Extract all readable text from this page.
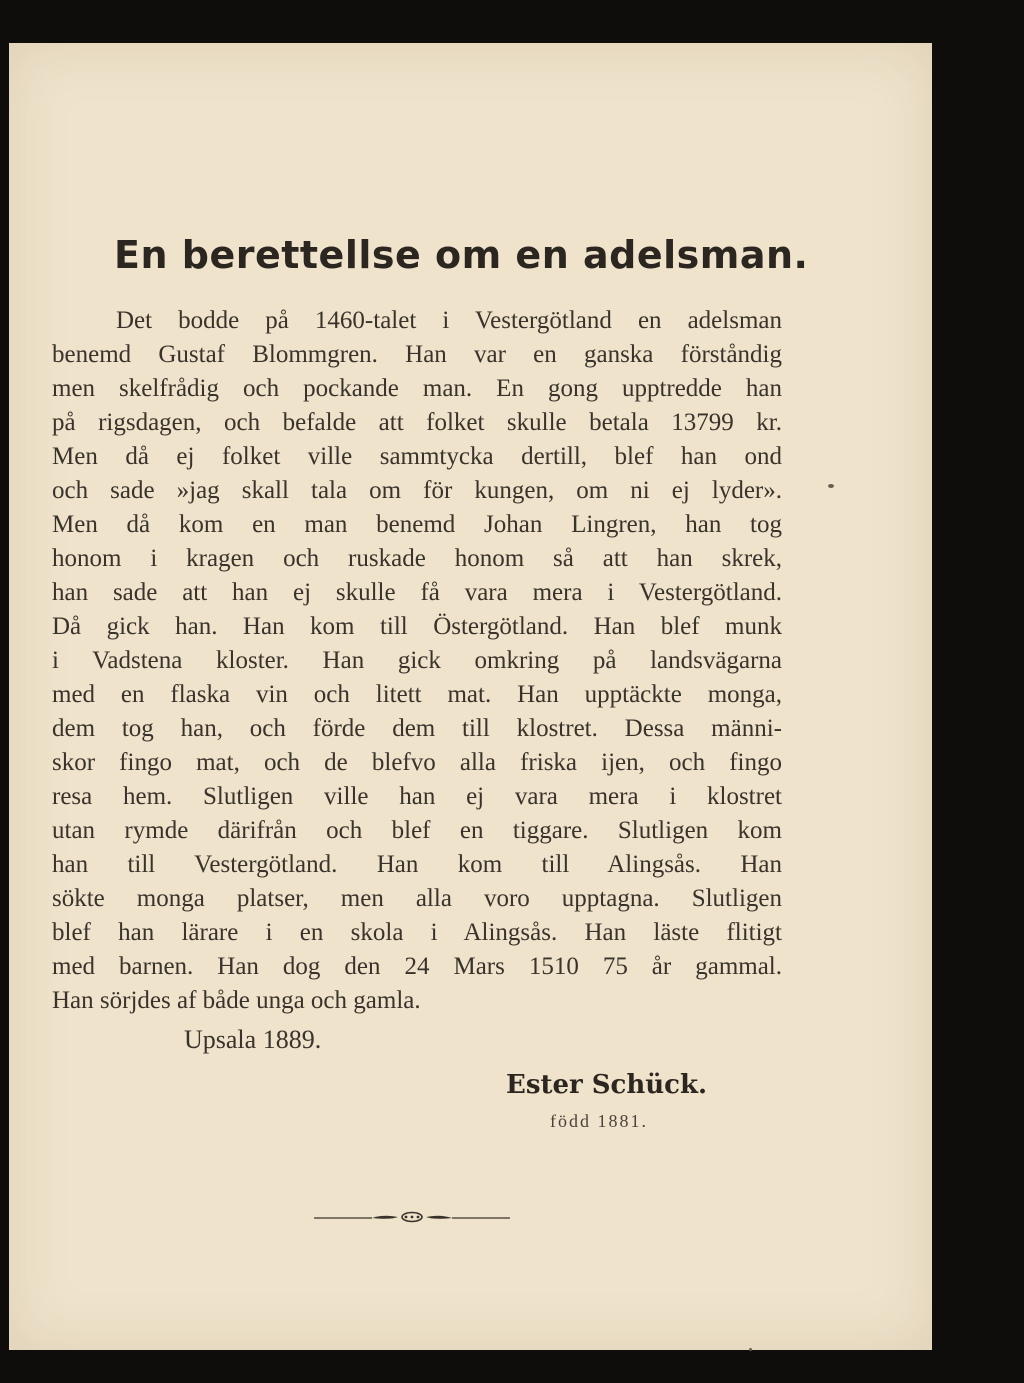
En berettellse om en adelsman.
Det bodde på 1460-talet i Vestergötland en adelsman
benemd Gustaf Blommgren. Han var en ganska förståndig
men skelfrådig och pockande man. En gong upptredde han
på rigsdagen, och befalde att folket skulle betala 13799 kr.
Men då ej folket ville sammtycka dertill, blef han ond
och sade »jag skall tala om för kungen, om ni ej lyder».
Men då kom en man benemd Johan Lingren, han tog
honom i kragen och ruskade honom så att han skrek,
han sade att han ej skulle få vara mera i Vestergötland.
Då gick han. Han kom till Östergötland. Han blef munk
i Vadstena kloster. Han gick omkring på landsvägarna
med en flaska vin och litett mat. Han upptäckte monga,
dem tog han, och förde dem till klostret. Dessa männi-
skor fingo mat, och de blefvo alla friska ijen, och fingo
resa hem. Slutligen ville han ej vara mera i klostret
utan rymde därifrån och blef en tiggare. Slutligen kom
han till Vestergötland. Han kom till Alingsås. Han
sökte monga platser, men alla voro upptagna. Slutligen
blef han lärare i en skola i Alingsås. Han läste flitigt
med barnen. Han dog den 24 Mars 1510 75 år gammal.
Han sörjdes af både unga och gamla.
Upsala 1889.
Ester Schück.
född 1881.
